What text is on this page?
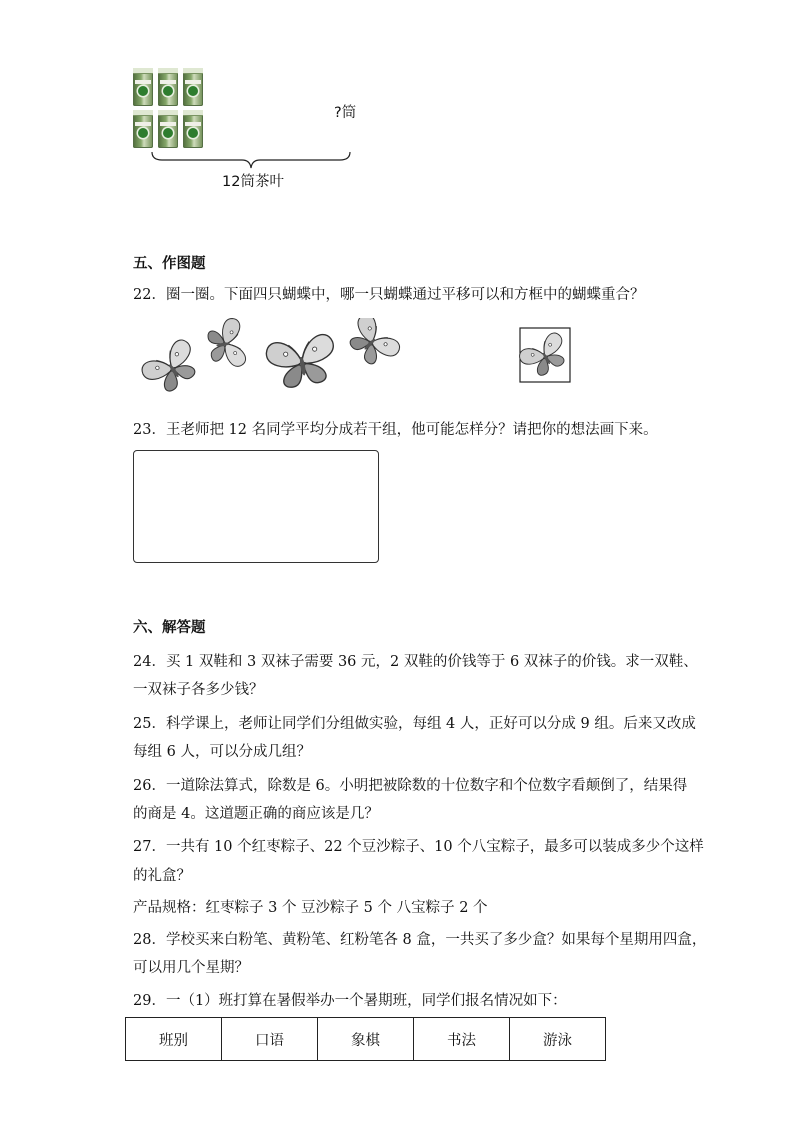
?筒
12筒茶叶
五、作图题
22．圈一圈。下面四只蝴蝶中，哪一只蝴蝶通过平移可以和方框中的蝴蝶重合？
23．王老师把 12 名同学平均分成若干组，他可能怎样分？请把你的想法画下来。
六、解答题
24．买 1 双鞋和 3 双袜子需要 36 元，2 双鞋的价钱等于 6 双袜子的价钱。求一双鞋、
一双袜子各多少钱？
25．科学课上，老师让同学们分组做实验，每组 4 人，正好可以分成 9 组。后来又改成
每组 6 人，可以分成几组？
26．一道除法算式，除数是 6。小明把被除数的十位数字和个位数字看颠倒了，结果得
的商是 4。这道题正确的商应该是几？
27．一共有 10 个红枣粽子、22 个豆沙粽子、10 个八宝粽子，最多可以装成多少个这样
的礼盒？
产品规格：红枣粽子 3 个 豆沙粽子 5 个 八宝粽子 2 个
28．学校买来白粉笔、黄粉笔、红粉笔各 8 盒，一共买了多少盒？如果每个星期用四盒，
可以用几个星期？
29．一（1）班打算在暑假举办一个暑期班，同学们报名情况如下：
班别	口语	象棋	书法	游泳
